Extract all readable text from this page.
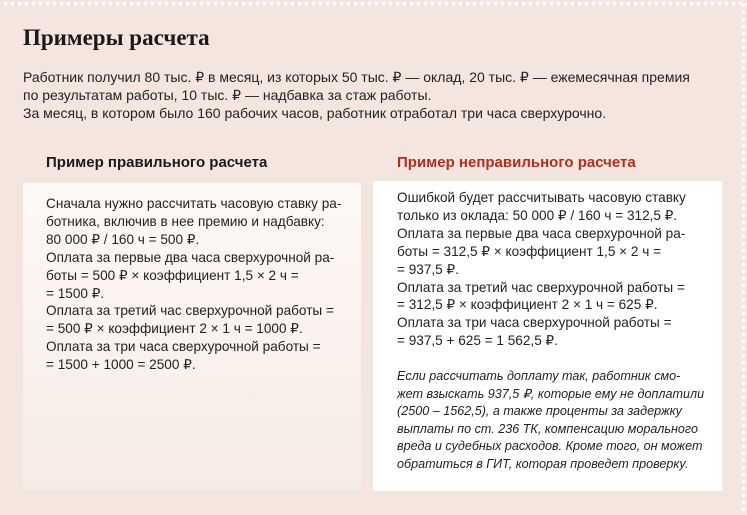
Примеры расчета

Работник получил 80 тыс. ₽ в месяц, из которых 50 тыс. ₽ — оклад, 20 тыс. ₽ — ежемесячная премия

по результатам работы, 10 тыс. ₽ — надбавка за стаж работы.

За месяц, в котором было 160 рабочих часов, работник отработал три часа сверхурочно.

Пример правильного расчета	Пример неправильного расчета
Сначала нужно рассчитать часовую ставку ра-
ботника, включив в нее премию и надбавку:
80 000 ₽ / 160 ч = 500 ₽.
Оплата за первые два часа сверхурочной ра-
боты = 500 ₽ × коэффициент 1,5 × 2 ч =
= 1500 ₽.
Оплата за третий час сверхурочной работы =
= 500 ₽ × коэффициент 2 × 1 ч = 1000 ₽.
Оплата за три часа сверхурочной работы =
= 1500 + 1000 = 2500 ₽.
Ошибкой будет рассчитывать часовую ставку
только из оклада: 50 000 ₽ / 160 ч = 312,5 ₽.
Оплата за первые два часа сверхурочной ра-
боты = 312,5 ₽ × коэффициент 1,5 × 2 ч =
= 937,5 ₽.
Оплата за третий час сверхурочной работы =
= 312,5 ₽ × коэффициент 2 × 1 ч = 625 ₽.
Оплата за три часа сверхурочной работы =
= 937,5 + 625 = 1 562,5 ₽.
Если рассчитать доплату так, работник смо-
жет взыскать 937,5 ₽, которые ему не доплатили
(2500 – 1562,5), а также проценты за задержку
выплаты по ст. 236 ТК, компенсацию морального
вреда и судебных расходов. Кроме того, он может
обратиться в ГИТ, которая проведет проверку.
